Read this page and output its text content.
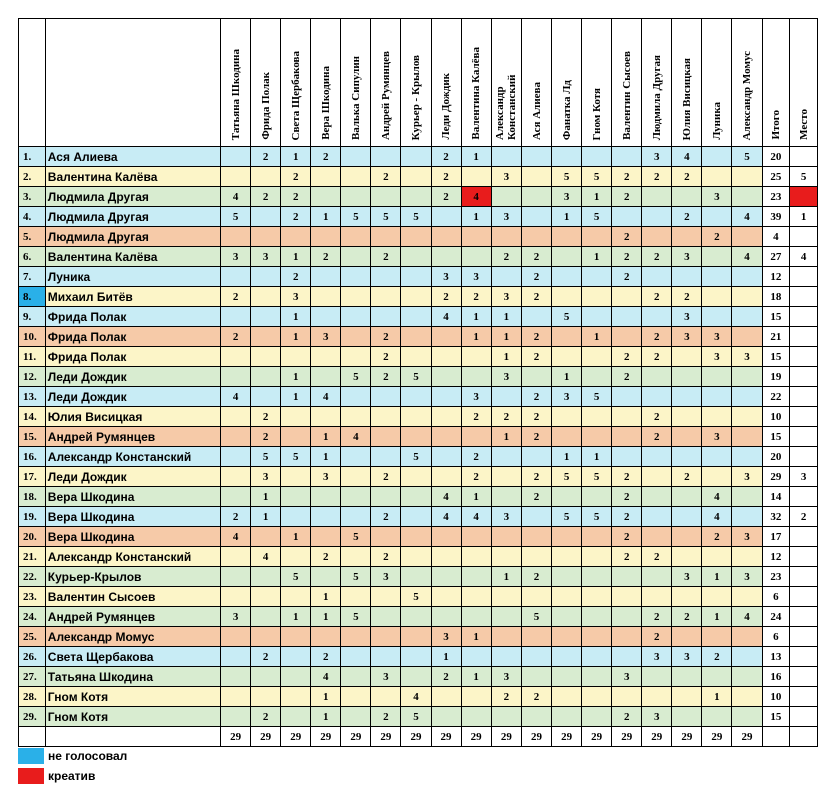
		Татьяна Шкодина	Фрида Полак	Света Щербакова	Вера Шкодина	Валька Сипулин	Андрей Румянцев	Курьер - Крылов	Леди Дождик	Валентина Калёва	Александр Констанский	Ася Алиева	Фанатка Лд	Гном Котя	Валентин Сысоев	Людмила Другая	Юлия Висицкая	Луника	Александр Момус	Итого	Место
1.	Ася Алиева		2	1	2				2	1						3	4		5	20	
2.	Валентина Калёва			2			2		2		3		5	5	2	2	2			25	5
3.	Людмила Другая	4	2	2					2	4			3	1	2			3		23	
4.	Людмила Другая	5		2	1	5	5	5		1	3		1	5			2		4	39	1
5.	Людмила Другая														2			2		4	
6.	Валентина Калёва	3	3	1	2		2				2	2		1	2	2	3		4	27	4
7.	Луника			2					3	3		2			2					12	
8.	Михаил Битёв	2		3					2	2	3	2				2	2			18	
9.	Фрида Полак			1					4	1	1		5				3			15	
10.	Фрида Полак	2		1	3		2			1	1	2		1		2	3	3		21	
11.	Фрида Полак						2				1	2			2	2		3	3	15	
12.	Леди Дождик			1		5	2	5			3		1		2					19	
13.	Леди Дождик	4		1	4					3		2	3	5						22	
14.	Юлия Висицкая		2							2	2	2				2				10	
15.	Андрей Румянцев		2		1	4					1	2				2		3		15	
16.	Александр Констанский		5	5	1			5		2			1	1						20	
17.	Леди Дождик		3		3		2			2		2	5	5	2		2		3	29	3
18.	Вера Шкодина		1						4	1		2			2			4		14	
19.	Вера Шкодина	2	1				2		4	4	3		5	5	2			4		32	2
20.	Вера Шкодина	4		1		5									2			2	3	17	
21.	Александр Констанский		4		2		2								2	2				12	
22.	Курьер-Крылов			5		5	3				1	2					3	1	3	23	
23.	Валентин Сысоев				1			5												6	
24.	Андрей Румянцев	3		1	1	5						5				2	2	1	4	24	
25.	Александр Момус								3	1						2				6	
26.	Света Щербакова		2		2				1							3	3	2		13	
27.	Татьяна Шкодина				4		3		2	1	3				3					16	
28.	Гном Котя				1			4			2	2						1		10	
29.	Гном Котя		2		1		2	5							2	3				15	
		29	29	29	29	29	29	29	29	29	29	29	29	29	29	29	29	29	29		
не голосовал
креатив
